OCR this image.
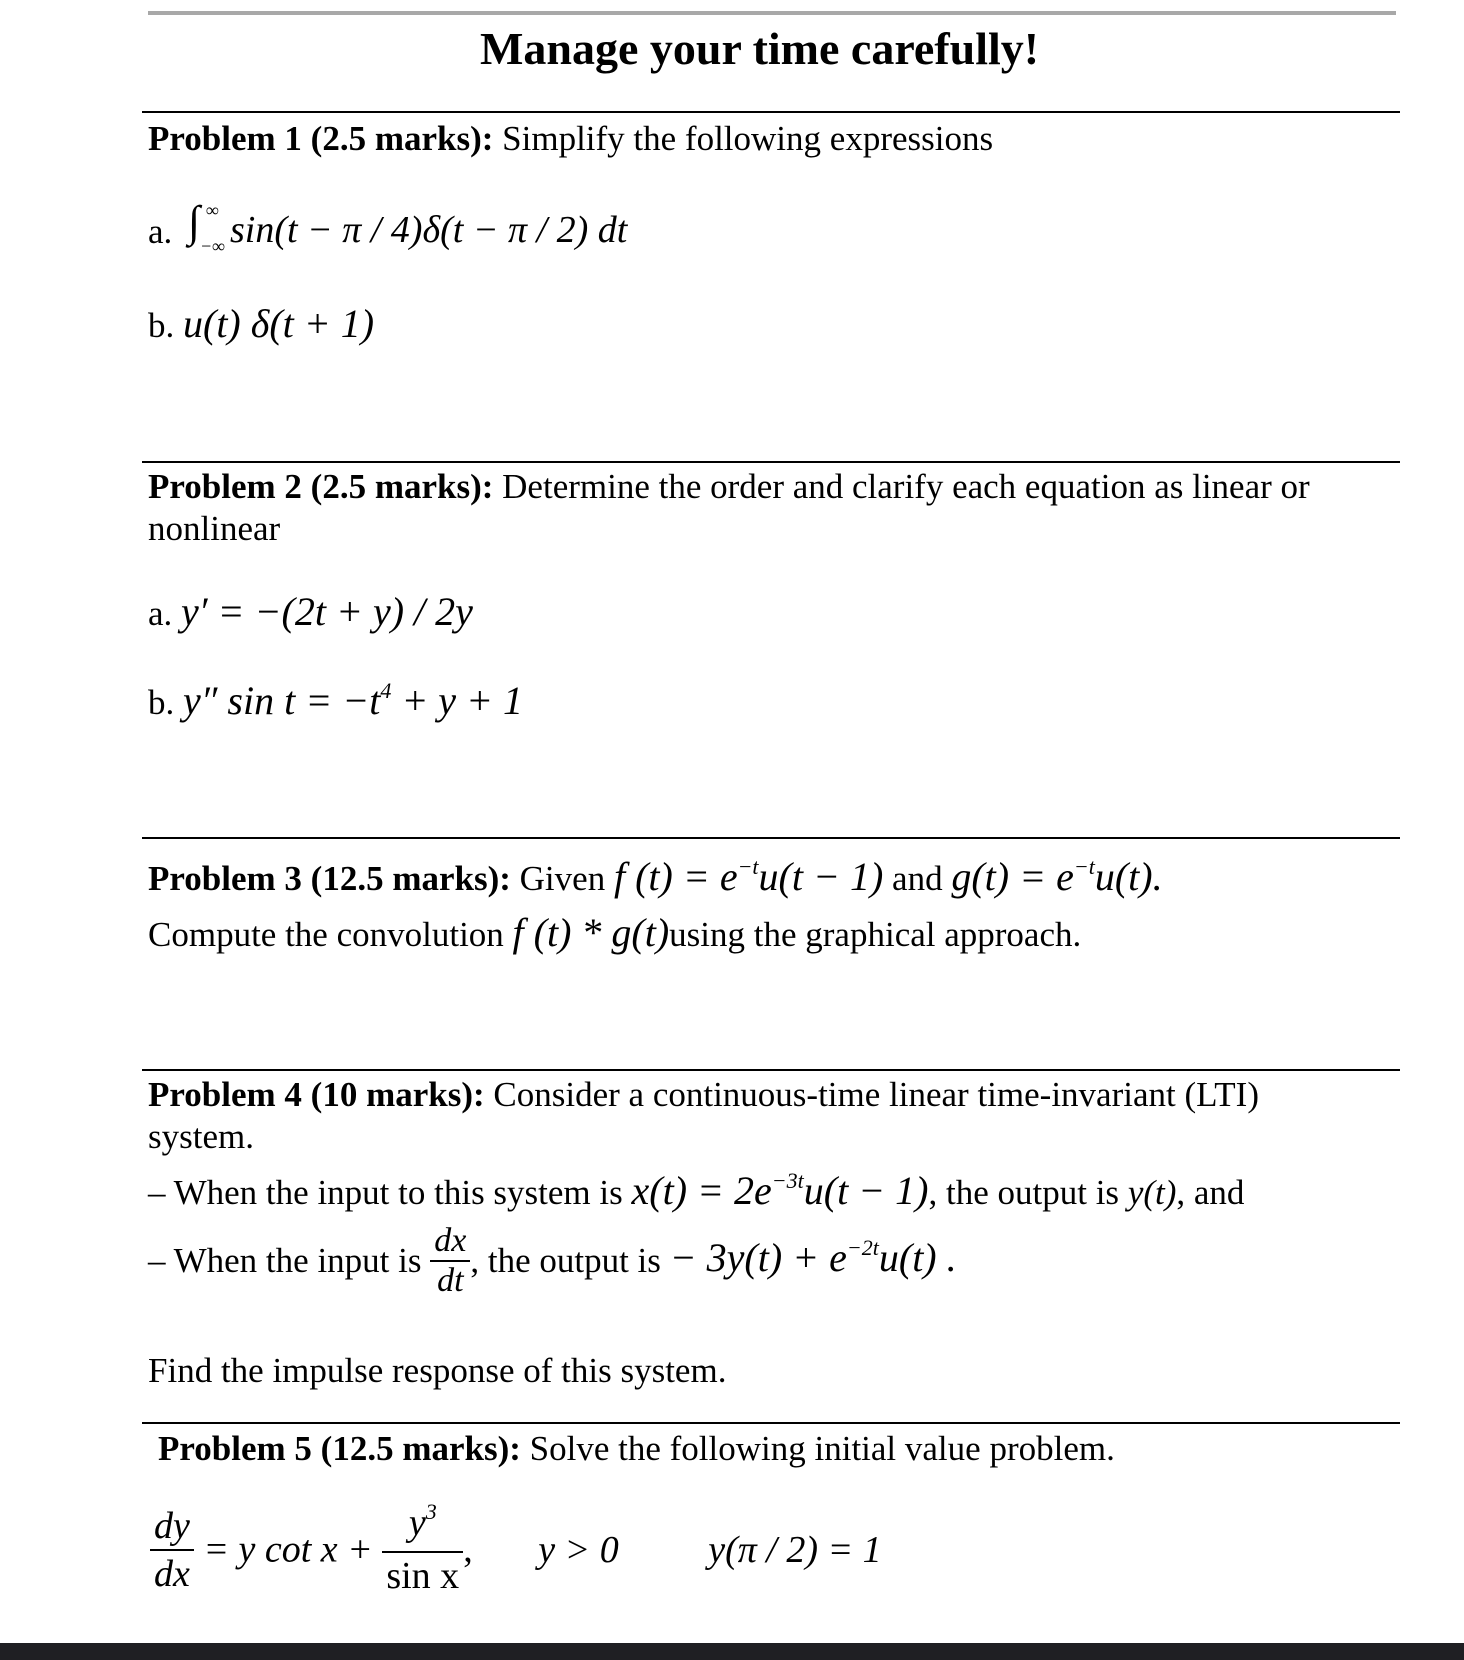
Manage your time carefully!
Problem 1 (2.5 marks): Simplify the following expressions
a. ∫ ∞
−∞ sin(t − π / 4)δ(t − π / 2) dt
b. u(t) δ(t + 1)
Problem 2 (2.5 marks): Determine the order and clarify each equation as linear or
nonlinear
a. y′ = −(2t + y) / 2y
b. y″ $\sin t = -t^4 + y + 1$
Problem 3 (12.5 marks): Given f $(t) = e^{-t}u(t - 1)$ and $g(t) = e^{-t}u(t)$.
Compute the convolution f (t) * g(t)using the graphical approach.
Problem 4 (10 marks): Consider a continuous-time linear time-invariant (LTI)
system.
– When the input to this system is $x(t) = 2e^{-3t}u(t - 1)$, the output is y(t), and
– When the input is $\frac{dx}{dt}$ , the output is − $3y(t) + e^{-2t}u(t)$ .
Find the impulse response of this system.
Problem 5 (12.5 marks): Solve the following initial value problem.
$\frac{dy}{dx} = y$ $\cot x + \frac{y^3}{\text{sin x}}$ , y > 0 y(π / 2) = 1
